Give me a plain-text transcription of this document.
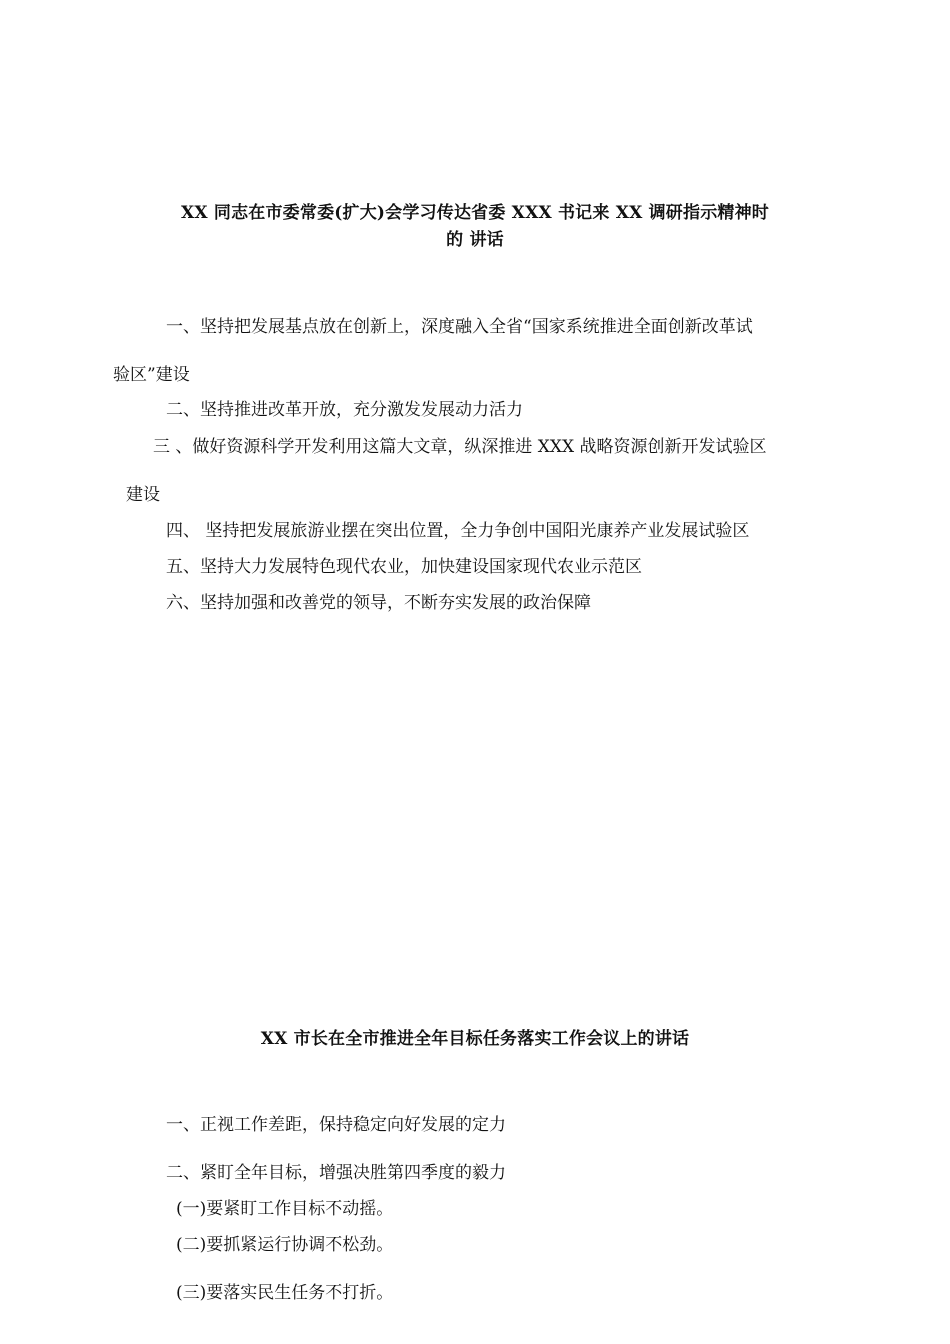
XX 同志在市委常委(扩大)会学习传达省委 XXX 书记来 XX 调研指示精神时
的 讲话
一、坚持把发展基点放在创新上，深度融入全省“国家系统推进全面创新改革试
验区”建设
二、坚持推进改革开放，充分激发发展动力活力
三 、做好资源科学开发利用这篇大文章，纵深推进 XXX 战略资源创新开发试验区
建设
四、 坚持把发展旅游业摆在突出位置，全力争创中国阳光康养产业发展试验区
五、坚持大力发展特色现代农业，加快建设国家现代农业示范区
六、坚持加强和改善党的领导，不断夯实发展的政治保障
XX 市长在全市推进全年目标任务落实工作会议上的讲话
一、正视工作差距，保持稳定向好发展的定力
二、紧盯全年目标，增强决胜第四季度的毅力
(一)要紧盯工作目标不动摇。
(二)要抓紧运行协调不松劲。
(三)要落实民生任务不打折。
